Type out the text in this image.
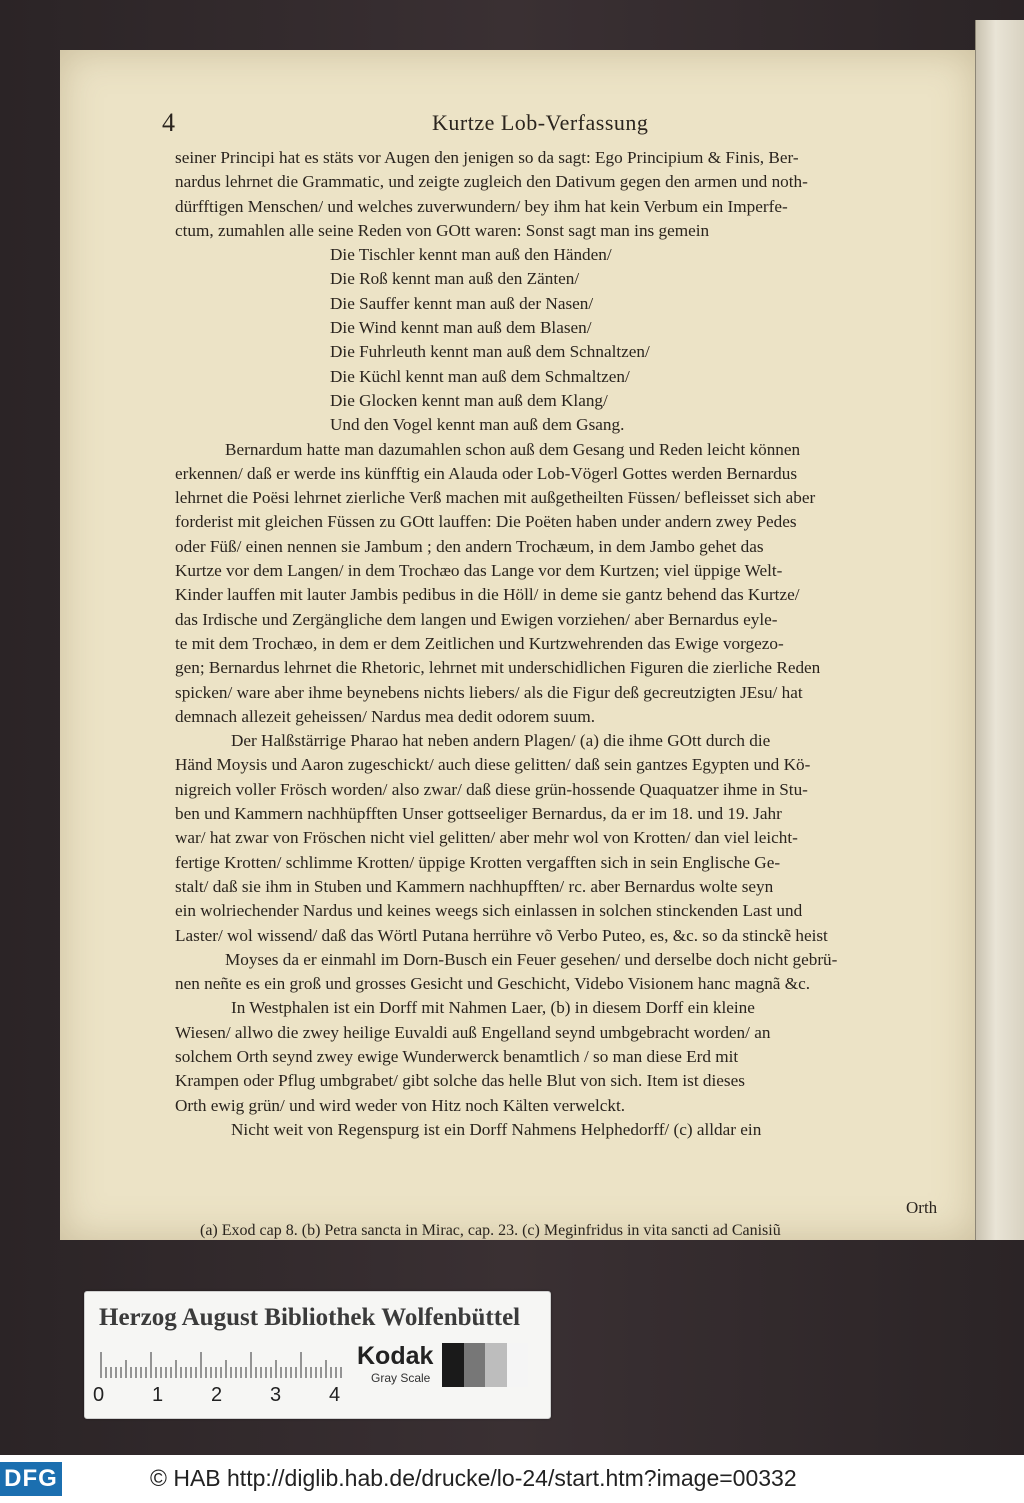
4	Kurtze Lob-Verfassung
seiner Principi hat es stäts vor Augen den jenigen so da sagt: Ego Principium & Finis, Ber-
nardus lehrnet die Grammatic, und zeigte zugleich den Dativum gegen den armen und noth-
dürfftigen Menschen/ und welches zuverwundern/ bey ihm hat kein Verbum ein Imperfe-
ctum, zumahlen alle seine Reden von GOtt waren: Sonst sagt man ins gemein
Die Tischler kennt man auß den Händen/
Die Roß kennt man auß den Zänten/
Die Sauffer kennt man auß der Nasen/
Die Wind kennt man auß dem Blasen/
Die Fuhrleuth kennt man auß dem Schnaltzen/
Die Küchl kennt man auß dem Schmaltzen/
Die Glocken kennt man auß dem Klang/
Und den Vogel kennt man auß dem Gsang.
Bernardum hatte man dazumahlen schon auß dem Gesang und Reden leicht können
erkennen/ daß er werde ins künfftig ein Alauda oder Lob-Vögerl Gottes werden Bernardus
lehrnet die Poësi lehrnet zierliche Verß machen mit außgetheilten Füssen/ befleisset sich aber
forderist mit gleichen Füssen zu GOtt lauffen: Die Poëten haben under andern zwey Pedes
oder Füß/ einen nennen sie Jambum ; den andern Trochæum, in dem Jambo gehet das
Kurtze vor dem Langen/ in dem Trochæo das Lange vor dem Kurtzen; viel üppige Welt-
Kinder lauffen mit lauter Jambis pedibus in die Höll/ in deme sie gantz behend das Kurtze/
das Irdische und Zergängliche dem langen und Ewigen vorziehen/ aber Bernardus eyle-
te mit dem Trochæo, in dem er dem Zeitlichen und Kurtzwehrenden das Ewige vorgezo-
gen; Bernardus lehrnet die Rhetoric, lehrnet mit underschidlichen Figuren die zierliche Reden
spicken/ ware aber ihme beynebens nichts liebers/ als die Figur deß gecreutzigten JEsu/ hat
demnach allezeit geheissen/ Nardus mea dedit odorem suum.
Der Halßstärrige Pharao hat neben andern Plagen/ (a) die ihme GOtt durch die
Händ Moysis und Aaron zugeschickt/ auch diese gelitten/ daß sein gantzes Egypten und Kö-
nigreich voller Frösch worden/ also zwar/ daß diese grün-hossende Quaquatzer ihme in Stu-
ben und Kammern nachhüpfften Unser gottseeliger Bernardus, da er im 18. und 19. Jahr
war/ hat zwar von Fröschen nicht viel gelitten/ aber mehr wol von Krotten/ dan viel leicht-
fertige Krotten/ schlimme Krotten/ üppige Krotten vergafften sich in sein Englische Ge-
stalt/ daß sie ihm in Stuben und Kammern nachhupfften/ rc. aber Bernardus wolte seyn
ein wolriechender Nardus und keines weegs sich einlassen in solchen stinckenden Last und
Laster/ wol wissend/ daß das Wörtl Putana herrühre võ Verbo Puteo, es, &c. so da stinckẽ heist
Moyses da er einmahl im Dorn-Busch ein Feuer gesehen/ und derselbe doch nicht gebrü-
nen neñte es ein groß und grosses Gesicht und Geschicht, Videbo Visionem hanc magnã &c.
In Westphalen ist ein Dorff mit Nahmen Laer, (b) in diesem Dorff ein kleine
Wiesen/ allwo die zwey heilige Euvaldi auß Engelland seynd umbgebracht worden/ an
solchem Orth seynd zwey ewige Wunderwerck benamtlich / so man diese Erd mit
Krampen oder Pflug umbgrabet/ gibt solche das helle Blut von sich. Item ist dieses
Orth ewig grün/ und wird weder von Hitz noch Kälten verwelckt.
Nicht weit von Regenspurg ist ein Dorff Nahmens Helphedorff/ (c) alldar ein
Orth
(a) Exod cap 8. (b) Petra sancta in Mirac, cap. 23. (c) Meginfridus in vita sancti ad Canisiũ
Herzog August Bibliothek Wolfenbüttel
0 1 2 3 4
Kodak
Gray Scale
DFG	© HAB http://diglib.hab.de/drucke/lo-24/start.htm?image=00332
